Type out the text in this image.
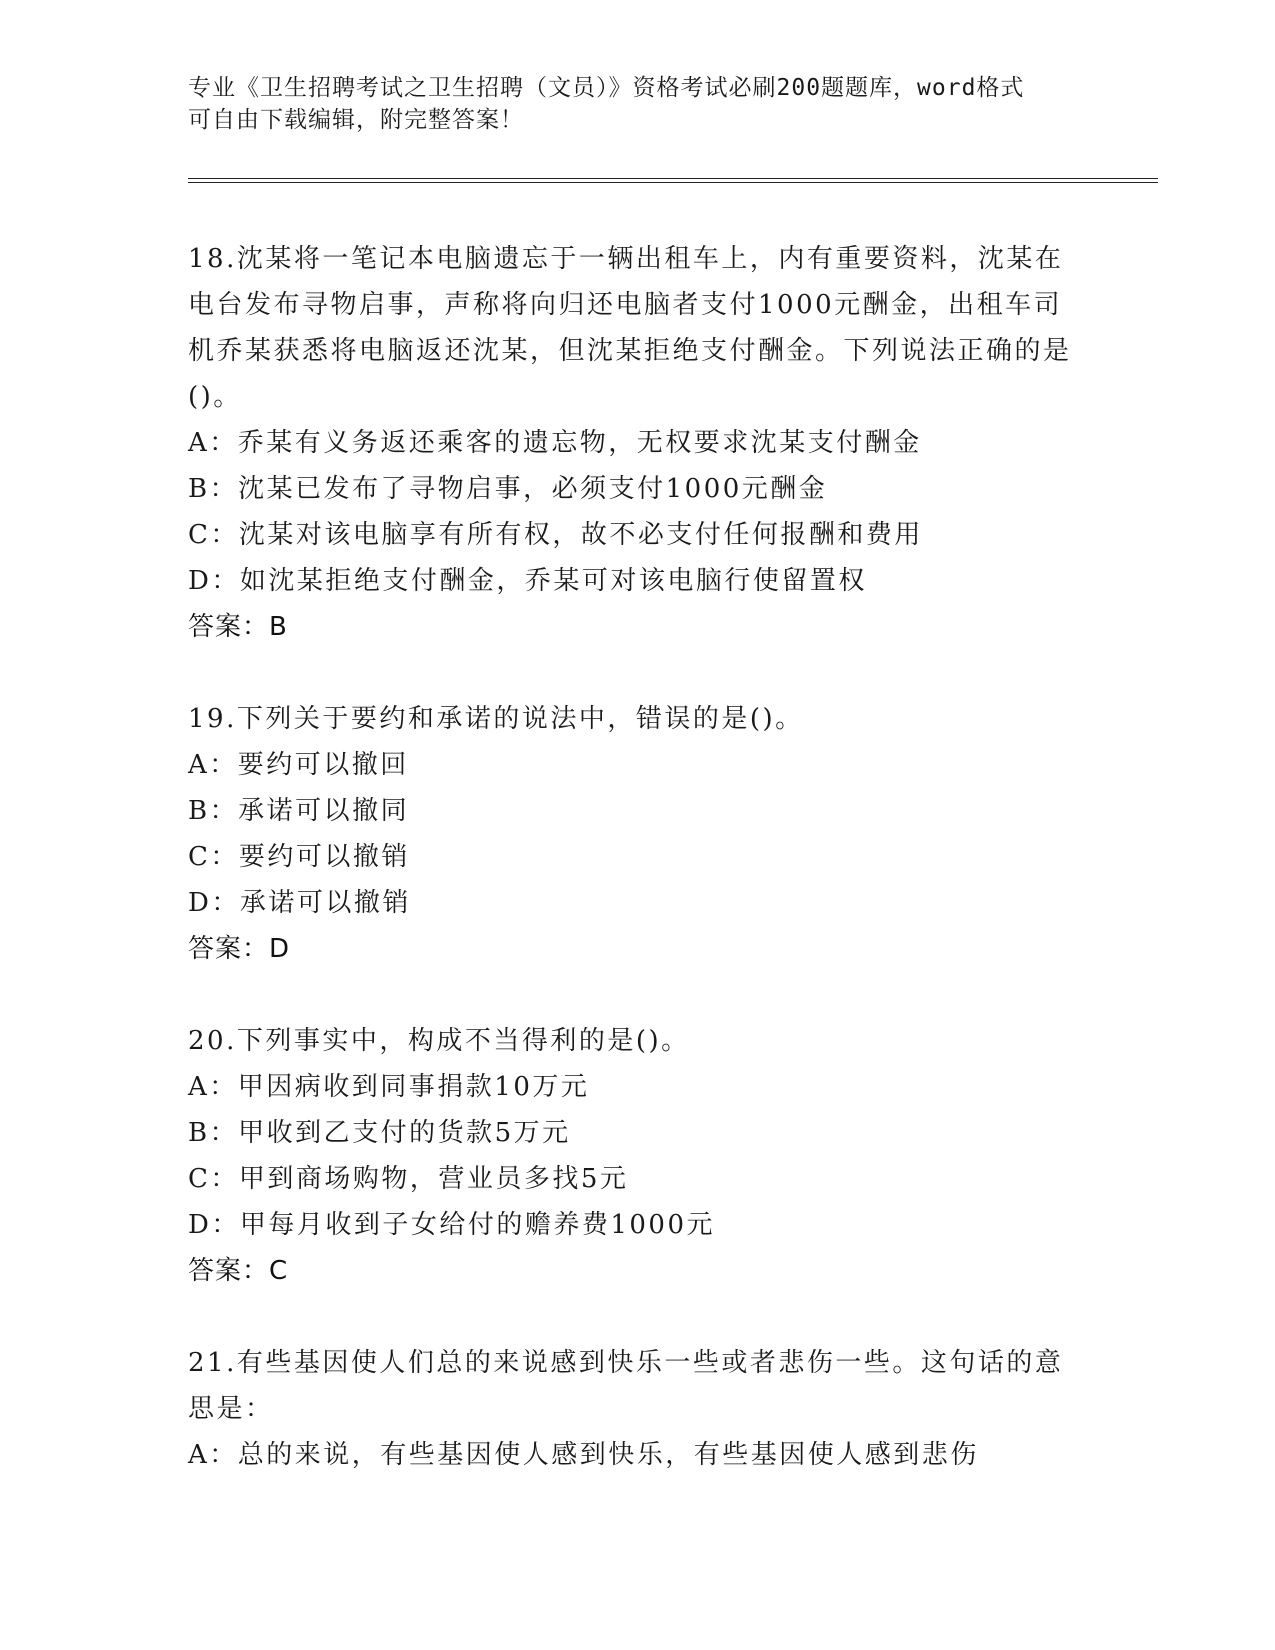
专业《卫生招聘考试之卫生招聘（文员）》资格考试必刷200题题库，word格式
可自由下载编辑，附完整答案！
18.沈某将一笔记本电脑遗忘于一辆出租车上，内有重要资料，沈某在电台发布寻物启事，声称将向归还电脑者支付1000元酬金，出租车司机乔某获悉将电脑返还沈某，但沈某拒绝支付酬金。下列说法正确的是()。
A：乔某有义务返还乘客的遗忘物，无权要求沈某支付酬金
B：沈某已发布了寻物启事，必须支付1000元酬金
C：沈某对该电脑享有所有权，故不必支付任何报酬和费用
D：如沈某拒绝支付酬金，乔某可对该电脑行使留置权
答案：B
19.下列关于要约和承诺的说法中，错误的是()。
A：要约可以撤回
B：承诺可以撤同
C：要约可以撤销
D：承诺可以撤销
答案：D
20.下列事实中，构成不当得利的是()。
A：甲因病收到同事捐款10万元
B：甲收到乙支付的货款5万元
C：甲到商场购物，营业员多找5元
D：甲每月收到子女给付的赡养费1000元
答案：C
21.有些基因使人们总的来说感到快乐一些或者悲伤一些。这句话的意思是：
A：总的来说，有些基因使人感到快乐，有些基因使人感到悲伤
